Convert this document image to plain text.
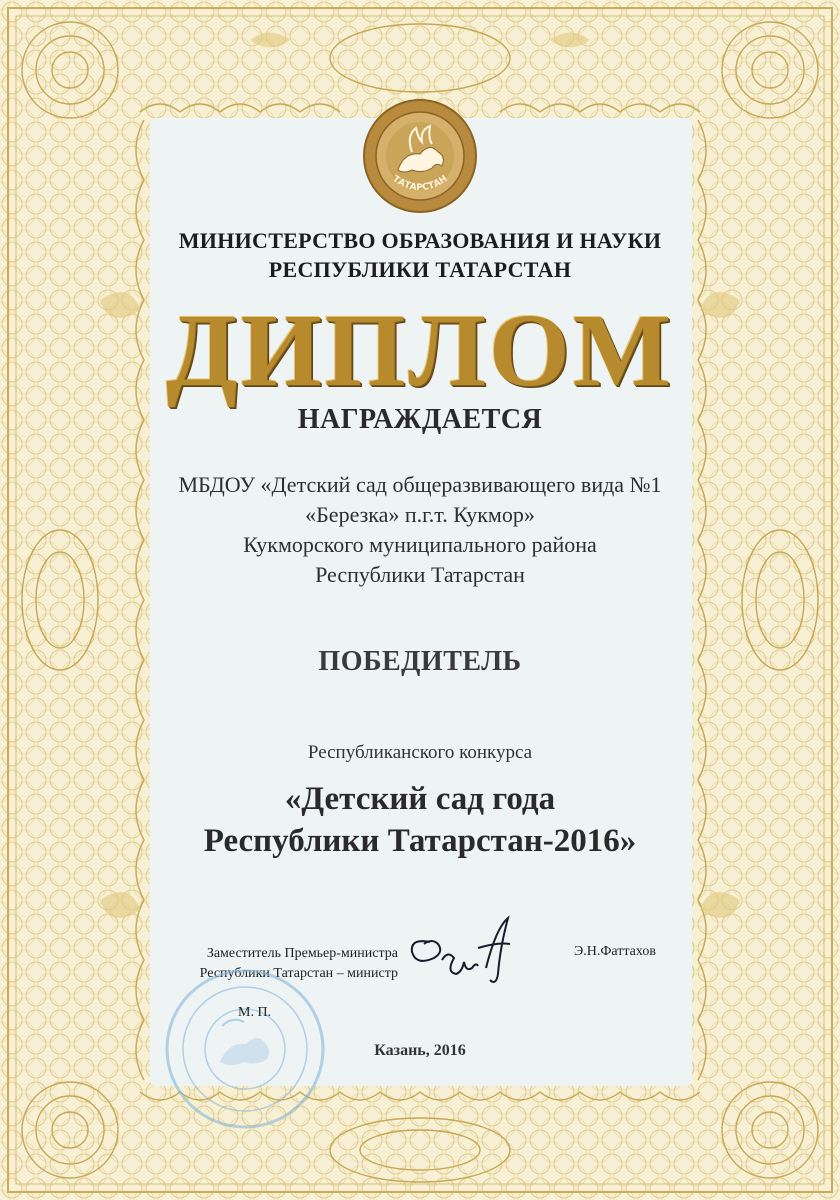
ТАТАРСТАН
МИНИСТЕРСТВО ОБРАЗОВАНИЯ И НАУКИ
РЕСПУБЛИКИ ТАТАРСТАН
ДИПЛОМ
НАГРАЖДАЕТСЯ
МБДОУ «Детский сад общеразвивающего вида №1
«Березка» п.г.т. Кукмор»
Кукморского муниципального района
Республики Татарстан
ПОБЕДИТЕЛЬ
Республиканского конкурса
«Детский сад года
Республики Татарстан-2016»
Заместитель Премьер-министра
Республики Татарстан – министр
Э.Н.Фаттахов
М. П.
Казань, 2016
